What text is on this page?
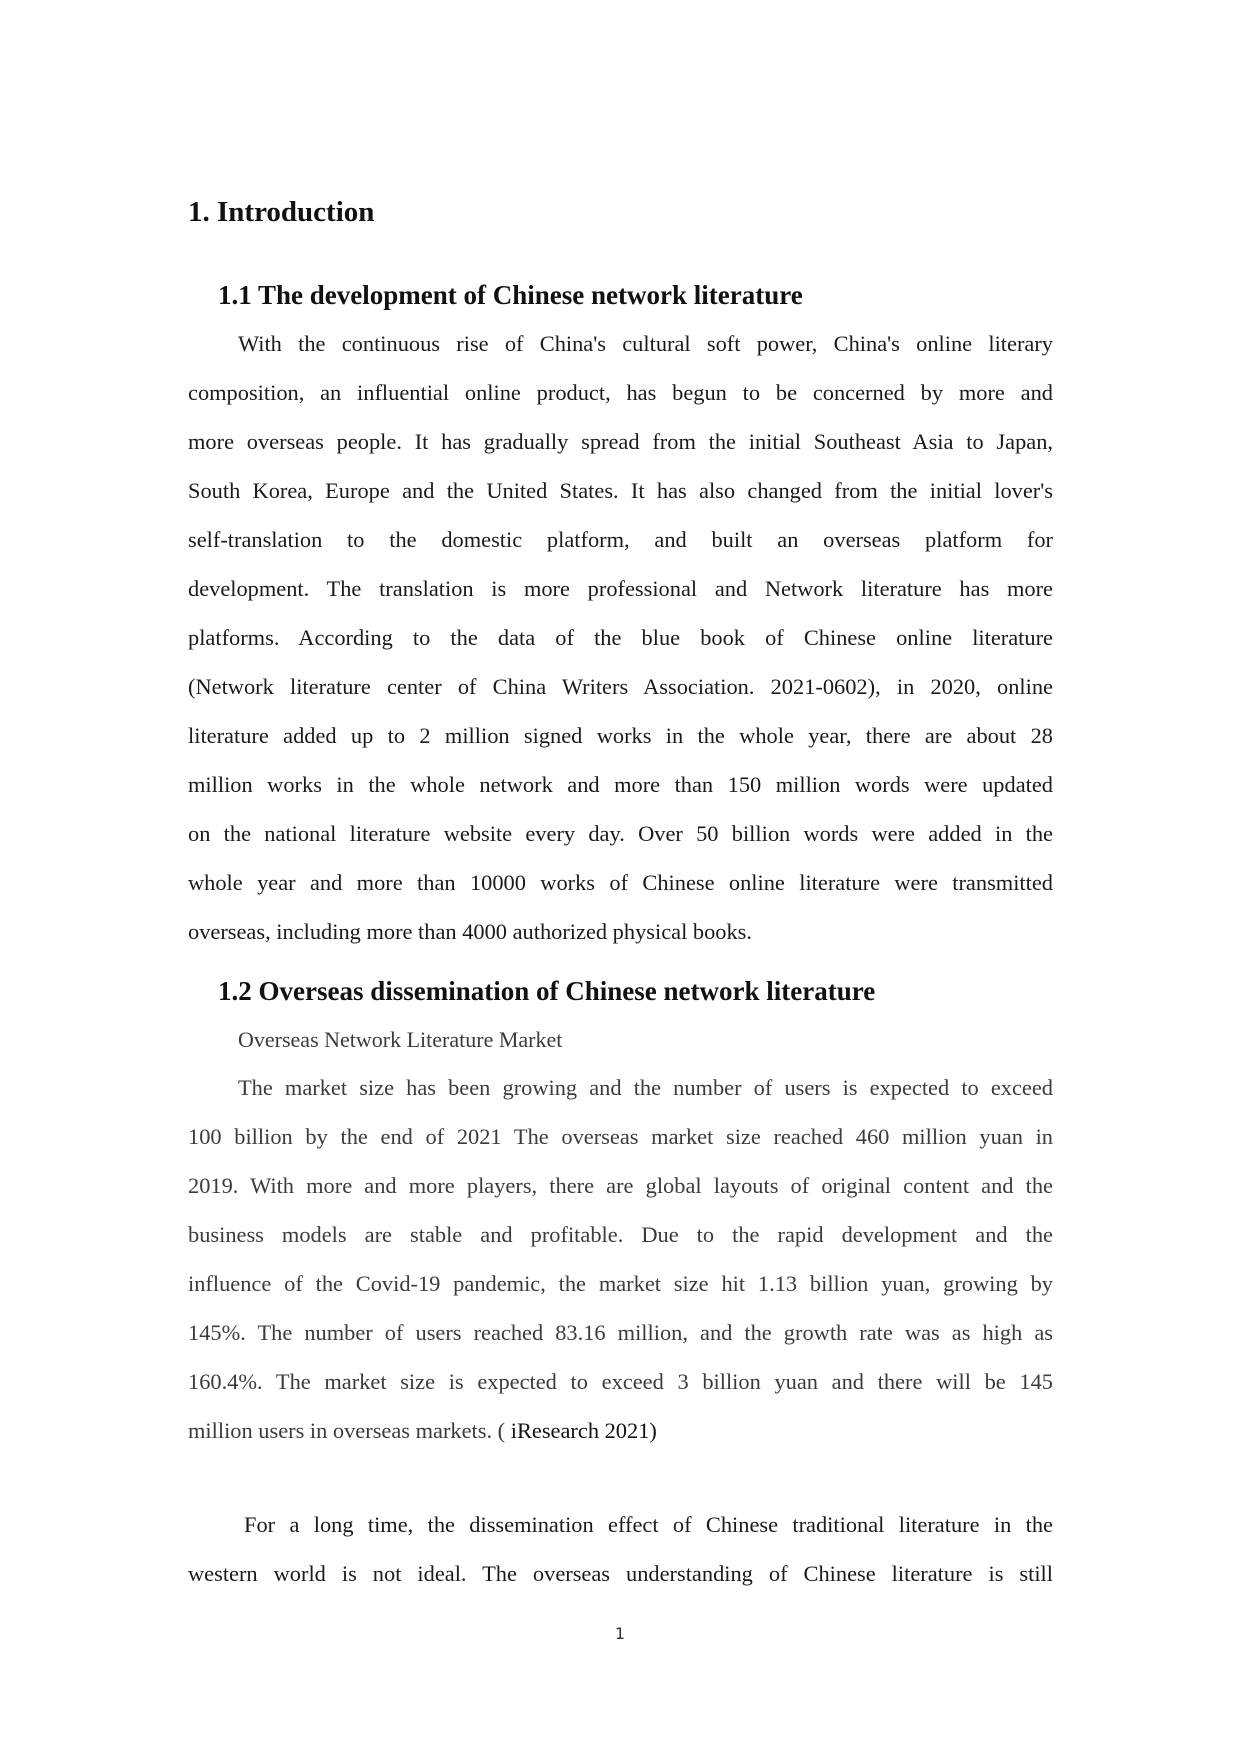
1. Introduction
1.1 The development of Chinese network literature
With the continuous rise of China's cultural soft power, China's online literary
composition, an influential online product, has begun to be concerned by more and
more overseas people. It has gradually spread from the initial Southeast Asia to Japan,
South Korea, Europe and the United States. It has also changed from the initial lover's
self-translation to the domestic platform, and built an overseas platform for
development. The translation is more professional and Network literature has more
platforms. According to the data of the blue book of Chinese online literature
(Network literature center of China Writers Association. 2021-0602), in 2020, online
literature added up to 2 million signed works in the whole year, there are about 28
million works in the whole network and more than 150 million words were updated
on the national literature website every day. Over 50 billion words were added in the
whole year and more than 10000 works of Chinese online literature were transmitted
overseas, including more than 4000 authorized physical books.
1.2 Overseas dissemination of Chinese network literature

Overseas Network Literature Market

The market size has been growing and the number of users is expected to exceed
100 billion by the end of 2021 The overseas market size reached 460 million yuan in
2019. With more and more players, there are global layouts of original content and the
business models are stable and profitable. Due to the rapid development and the
influence of the Covid-19 pandemic, the market size hit 1.13 billion yuan, growing by
145%. The number of users reached 83.16 million, and the growth rate was as high as
160.4%. The market size is expected to exceed 3 billion yuan and there will be 145
million users in overseas markets. ( iResearch 2021)
For a long time, the dissemination effect of Chinese traditional literature in the
western world is not ideal. The overseas understanding of Chinese literature is still
1
